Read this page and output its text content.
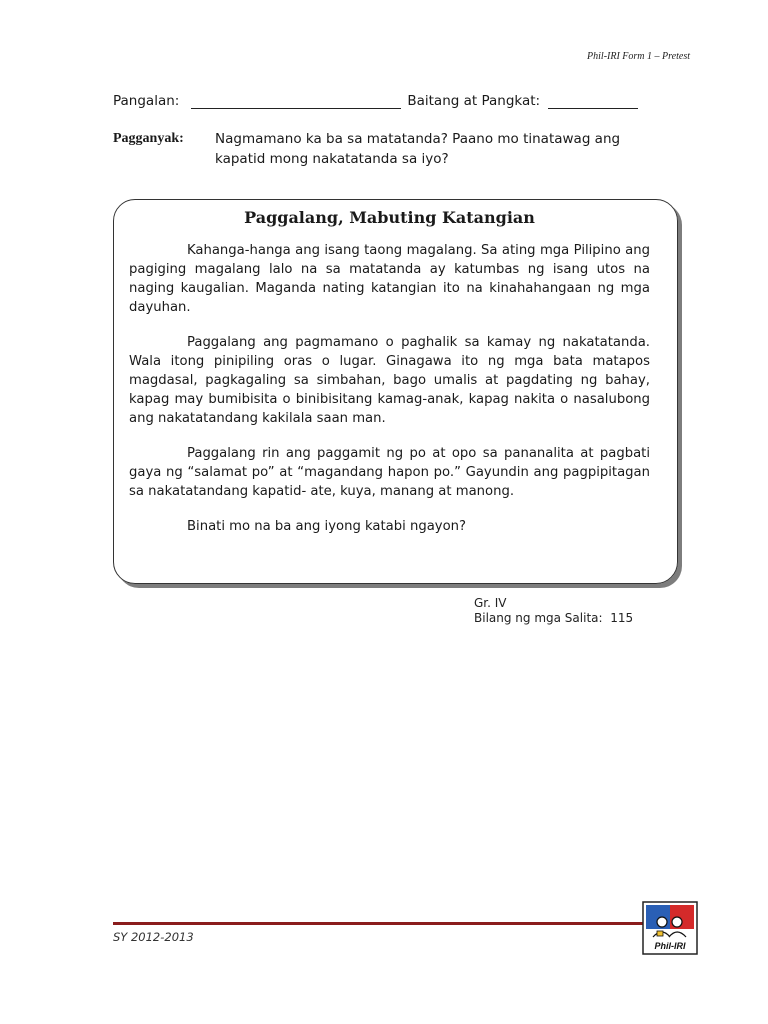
Phil-IRI Form 1 – Pretest
Pangalan:	Baitang at Pangkat:
Pagganyak:	Nagmamano ka ba sa matatanda? Paano mo tinatawag ang kapatid mong nakatatanda sa iyo?
Paggalang, Mabuting Katangian

Kahanga-hanga ang isang taong magalang. Sa ating mga Pilipino ang pagiging magalang lalo na sa matatanda ay katumbas ng isang utos na naging kaugalian. Maganda nating katangian ito na kinahahangaan ng mga dayuhan.

Paggalang ang pagmamano o paghalik sa kamay ng nakatatanda. Wala itong pinipiling oras o lugar. Ginagawa ito ng mga bata matapos magdasal, pagkagaling sa simbahan, bago umalis at pagdating ng bahay, kapag may bumibisita o binibisitang kamag-anak, kapag nakita o nasalubong ang nakatatandang kakilala saan man.

Paggalang rin ang paggamit ng po at opo sa pananalita at pagbati gaya ng “salamat po” at “magandang hapon po.” Gayundin ang pagpipitagan sa nakatatandang kapatid- ate, kuya, manang at manong.

Binati mo na ba ang iyong katabi ngayon?

Gr. IV
Bilang ng mga Salita: 115
SY 2012-2013
Phil-IRI
